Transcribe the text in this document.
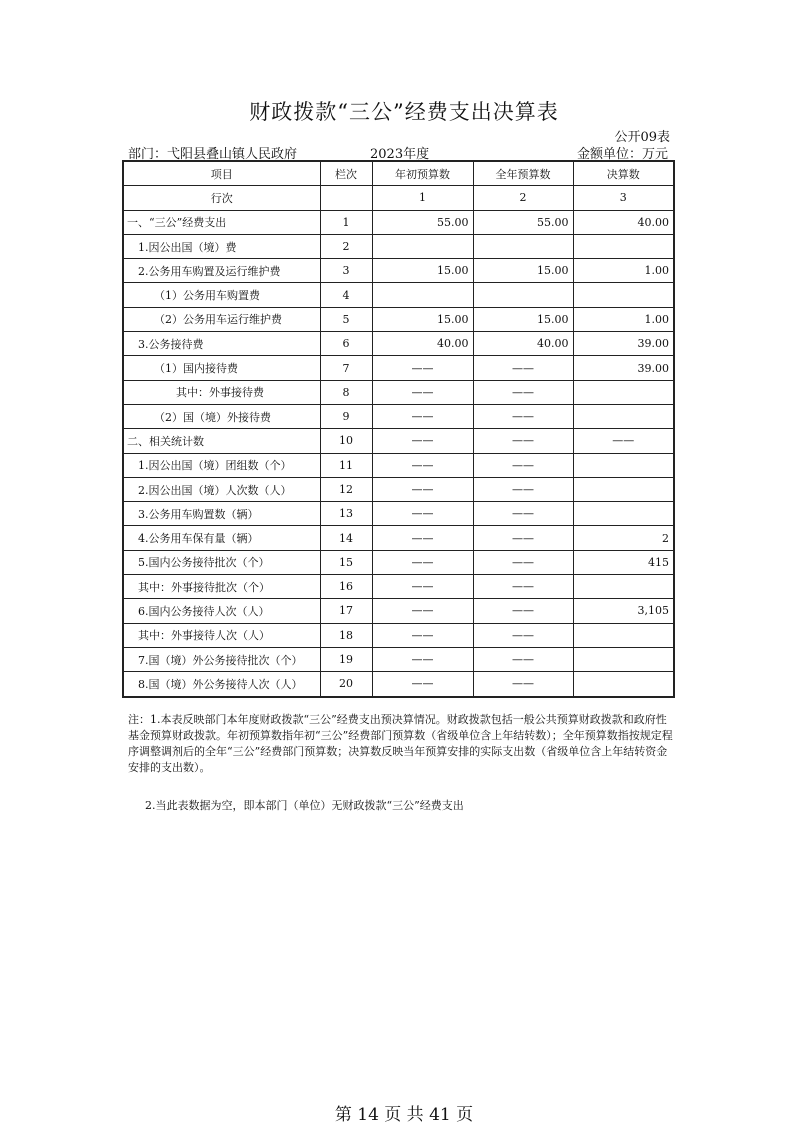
财政拨款“三公”经费支出决算表
公开09表
部门：弋阳县叠山镇人民政府	2023年度	金额单位：万元
项目	栏次	年初预算数	全年预算数	决算数
行次		1	2	3
一、“三公”经费支出	1	55.00	55.00	40.00
1.因公出国（境）费	2			
2.公务用车购置及运行维护费	3	15.00	15.00	1.00
（1）公务用车购置费	4			
（2）公务用车运行维护费	5	15.00	15.00	1.00
3.公务接待费	6	40.00	40.00	39.00
（1）国内接待费	7	——	——	39.00
其中：外事接待费	8	——	——	
（2）国（境）外接待费	9	——	——	
二、相关统计数	10	——	——	——
1.因公出国（境）团组数（个）	11	——	——	
2.因公出国（境）人次数（人）	12	——	——	
3.公务用车购置数（辆）	13	——	——	
4.公务用车保有量（辆）	14	——	——	2
5.国内公务接待批次（个）	15	——	——	415
其中：外事接待批次（个）	16	——	——	
6.国内公务接待人次（人）	17	——	——	3,105
其中：外事接待人次（人）	18	——	——	
7.国（境）外公务接待批次（个）	19	——	——	
8.国（境）外公务接待人次（人）	20	——	——	
注：1.本表反映部门本年度财政拨款“三公”经费支出预决算情况。财政拨款包括一般公共预算财政拨款和政府性基金预算财政拨款。年初预算数指年初“三公”经费部门预算数（省级单位含上年结转数）；全年预算数指按规定程序调整调剂后的全年“三公”经费部门预算数；决算数反映当年预算安排的实际支出数（省级单位含上年结转资金安排的支出数）。
2.当此表数据为空，即本部门（单位）无财政拨款“三公”经费支出
第 14 页 共 41 页
